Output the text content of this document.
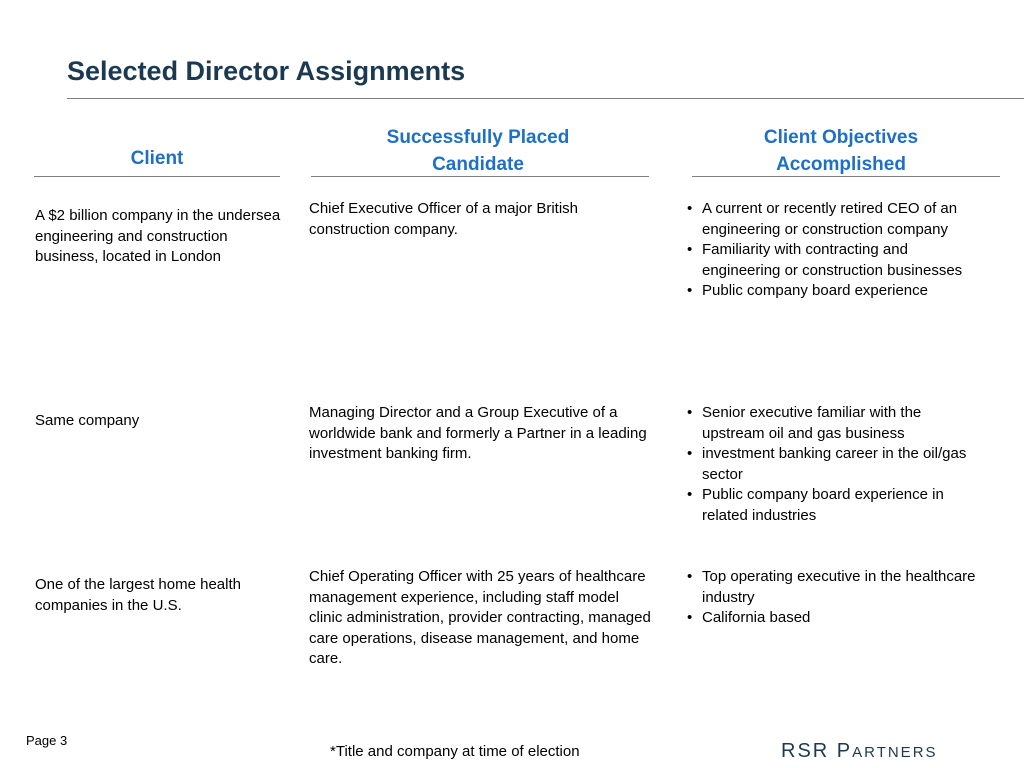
Selected Director Assignments
Client
Successfully Placed
Candidate
Client Objectives
Accomplished
A $2 billion company in the undersea engineering and construction business, located in London
Chief Executive Officer of a major British construction company.
• A current or recently retired CEO of an engineering or construction company
• Familiarity with contracting and engineering or construction businesses
• Public company board experience
Same company	Managing Director and a Group Executive of a worldwide bank and formerly a Partner in a leading investment banking firm.
• Senior executive familiar with the upstream oil and gas business
• investment banking career in the oil/gas sector
• Public company board experience in related industries
One of the largest home health companies in the U.S.
Chief Operating Officer with 25 years of healthcare management experience, including staff model clinic administration, provider contracting, managed care operations, disease management, and home care.
• Top operating executive in the healthcare industry
• California based
Page 3
*Title and company at time of election	RSR PARTNERS
